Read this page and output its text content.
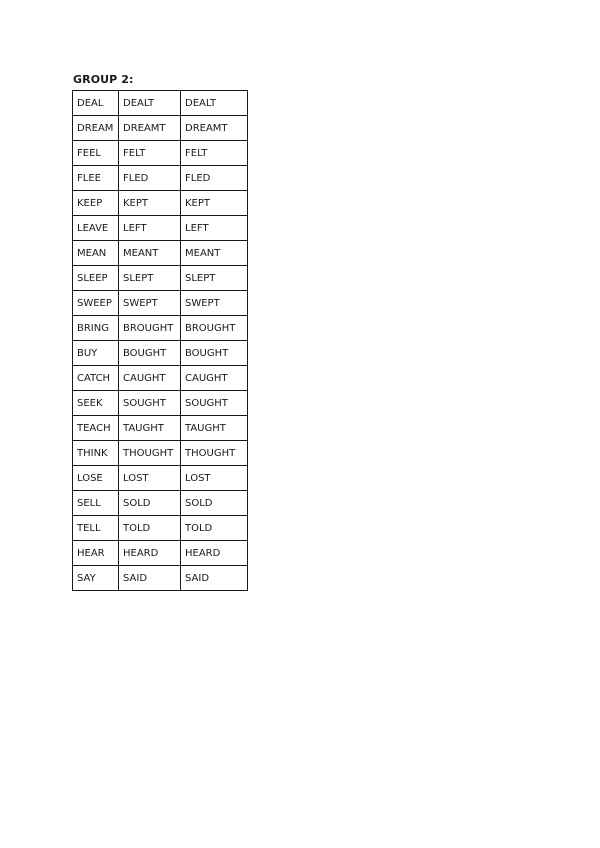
GROUP 2:
DEAL	DEALT	DEALT
DREAM	DREAMT	DREAMT
FEEL	FELT	FELT
FLEE	FLED	FLED
KEEP	KEPT	KEPT
LEAVE	LEFT	LEFT
MEAN	MEANT	MEANT
SLEEP	SLEPT	SLEPT
SWEEP	SWEPT	SWEPT
BRING	BROUGHT	BROUGHT
BUY	BOUGHT	BOUGHT
CATCH	CAUGHT	CAUGHT
SEEK	SOUGHT	SOUGHT
TEACH	TAUGHT	TAUGHT
THINK	THOUGHT	THOUGHT
LOSE	LOST	LOST
SELL	SOLD	SOLD
TELL	TOLD	TOLD
HEAR	HEARD	HEARD
SAY	SAID	SAID
